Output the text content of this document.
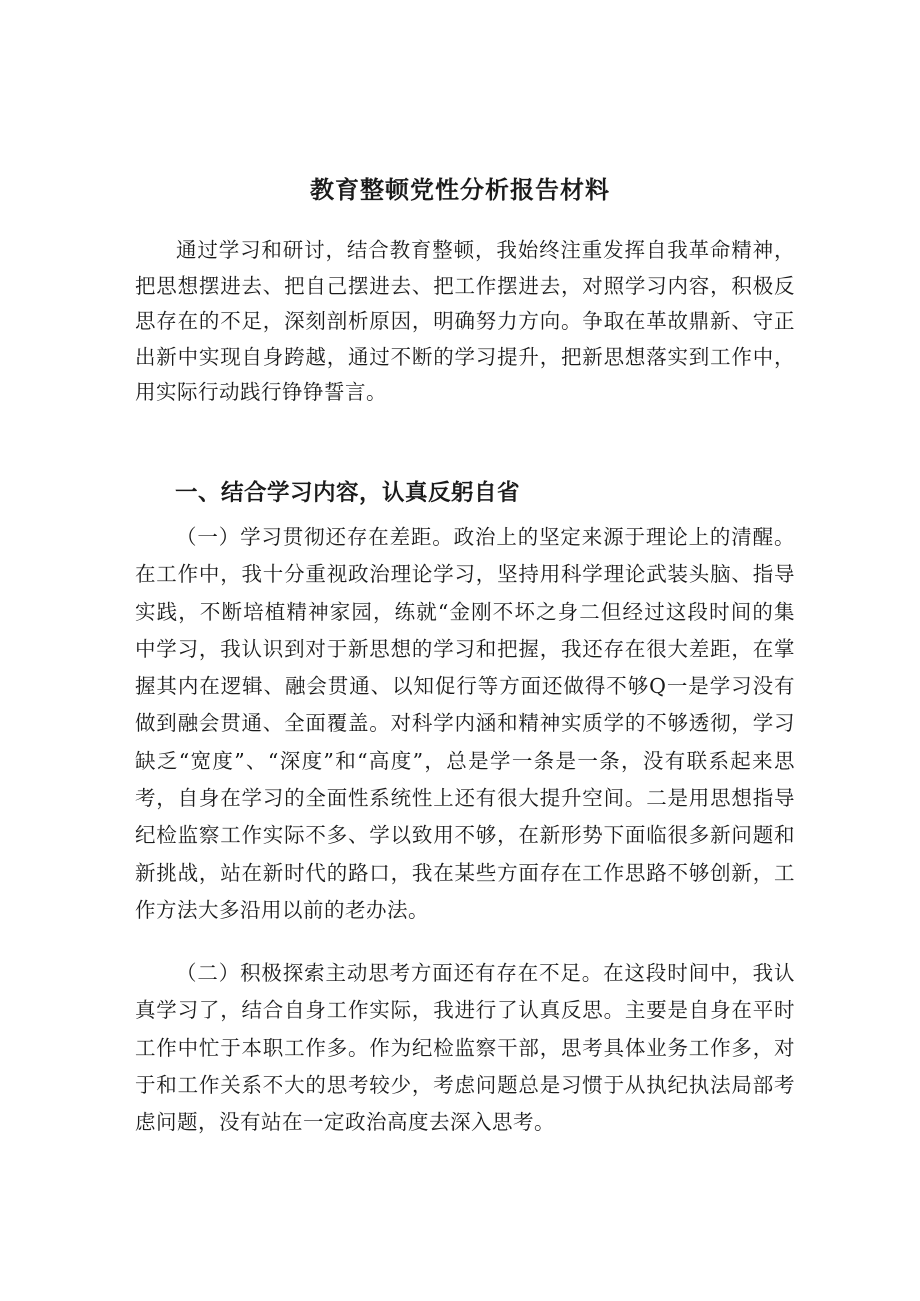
教育整顿党性分析报告材料
通过学习和研讨，结合教育整顿，我始终注重发挥自我革命精神，把思想摆进去、把自己摆进去、把工作摆进去，对照学习内容，积极反思存在的不足，深刻剖析原因，明确努力方向。争取在革故鼎新、守正出新中实现自身跨越，通过不断的学习提升，把新思想落实到工作中，用实际行动践行铮铮誓言。
一、结合学习内容，认真反躬自省
（一）学习贯彻还存在差距。政治上的坚定来源于理论上的清醒。在工作中，我十分重视政治理论学习，坚持用科学理论武装头脑、指导实践，不断培植精神家园，练就“金刚不坏之身二但经过这段时间的集中学习，我认识到对于新思想的学习和把握，我还存在很大差距，在掌握其内在逻辑、融会贯通、以知促行等方面还做得不够Q一是学习没有做到融会贯通、全面覆盖。对科学内涵和精神实质学的不够透彻，学习缺乏“宽度”、“深度”和“高度”，总是学一条是一条，没有联系起来思考，自身在学习的全面性系统性上还有很大提升空间。二是用思想指导纪检监察工作实际不多、学以致用不够，在新形势下面临很多新问题和新挑战，站在新时代的路口，我在某些方面存在工作思路不够创新，工作方法大多沿用以前的老办法。
（二）积极探索主动思考方面还有存在不足。在这段时间中，我认真学习了，结合自身工作实际，我进行了认真反思。主要是自身在平时工作中忙于本职工作多。作为纪检监察干部，思考具体业务工作多，对于和工作关系不大的思考较少，考虑问题总是习惯于从执纪执法局部考虑问题，没有站在一定政治高度去深入思考。
